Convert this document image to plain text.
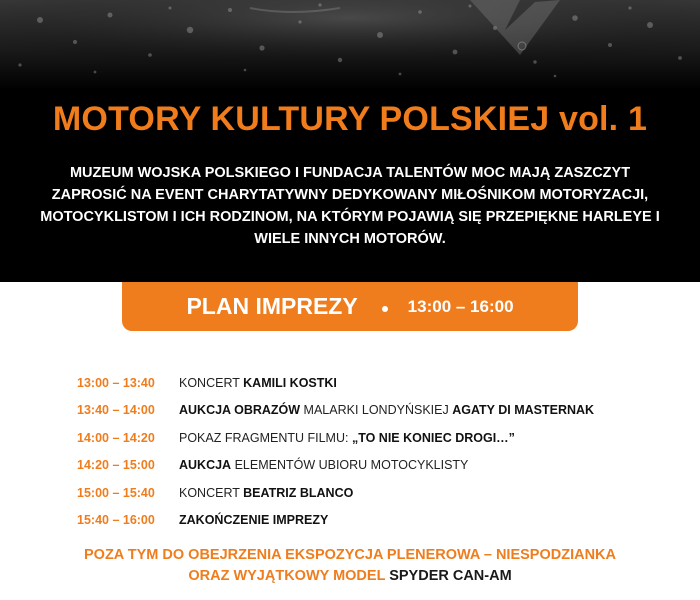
MOTORY KULTURY POLSKIEJ vol. 1

MUZEUM WOJSKA POLSKIEGO I FUNDACJA TALENTÓW MOC MAJĄ ZASZCZYT ZAPROSIĆ NA EVENT CHARYTATYWNY DEDYKOWANY MIŁOŚNIKOM MOTORYZACJI, MOTOCYKLISTOM I ICH RODZINOM, NA KTÓRYM POJAWIĄ SIĘ PRZEPIĘKNE HARLEYE I WIELE INNYCH MOTORÓW.

PLAN IMPREZY	13:00 – 16:00
13:00 – 13:40	KONCERT KAMILI KOSTKI
13:40 – 14:00	AUKCJA OBRAZÓW MALARKI LONDYŃSKIEJ AGATY DI MASTERNAK
14:00 – 14:20	POKAZ FRAGMENTU FILMU: „TO NIE KONIEC DROGI…”
14:20 – 15:00	AUKCJA ELEMENTÓW UBIORU MOTOCYKLISTY
15:00 – 15:40	KONCERT BEATRIZ BLANCO
15:40 – 16:00	ZAKOŃCZENIE IMPREZY

POZA TYM DO OBEJRZENIA EKSPOZYCJA PLENEROWA – NIESPODZIANKA
ORAZ WYJĄTKOWY MODEL SPYDER CAN-AM
